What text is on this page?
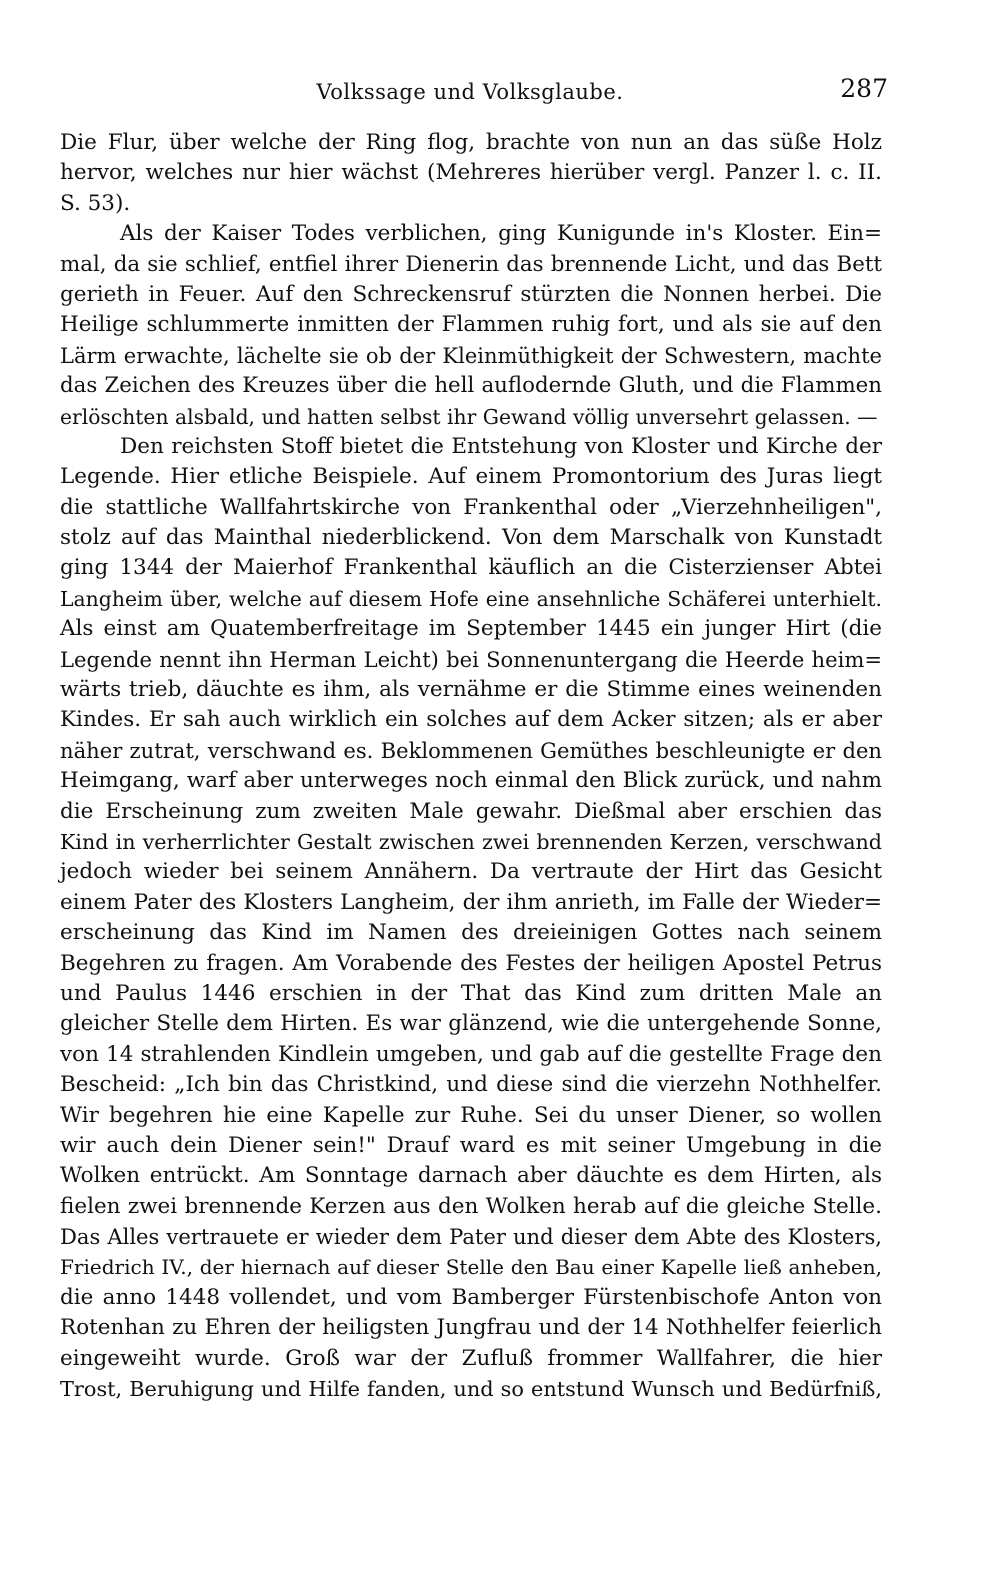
Volkssage und Volksglaube.	287
Die Flur, über welche der Ring flog, brachte von nun an das süße Holz
hervor, welches nur hier wächst (Mehreres hierüber vergl. Panzer l. c. II.
S. 53).
Als der Kaiser Todes verblichen, ging Kunigunde in's Kloster. Ein=
mal, da sie schlief, entfiel ihrer Dienerin das brennende Licht, und das Bett
gerieth in Feuer. Auf den Schreckensruf stürzten die Nonnen herbei. Die
Heilige schlummerte inmitten der Flammen ruhig fort, und als sie auf den
Lärm erwachte, lächelte sie ob der Kleinmüthigkeit der Schwestern, machte
das Zeichen des Kreuzes über die hell auflodernde Gluth, und die Flammen
erlöschten alsbald, und hatten selbst ihr Gewand völlig unversehrt gelassen. —
Den reichsten Stoff bietet die Entstehung von Kloster und Kirche der
Legende. Hier etliche Beispiele. Auf einem Promontorium des Juras liegt
die stattliche Wallfahrtskirche von Frankenthal oder „Vierzehnheiligen",
stolz auf das Mainthal niederblickend. Von dem Marschalk von Kunstadt
ging 1344 der Maierhof Frankenthal käuflich an die Cisterzienser Abtei
Langheim über, welche auf diesem Hofe eine ansehnliche Schäferei unterhielt.
Als einst am Quatemberfreitage im September 1445 ein junger Hirt (die
Legende nennt ihn Herman Leicht) bei Sonnenuntergang die Heerde heim=
wärts trieb, däuchte es ihm, als vernähme er die Stimme eines weinenden
Kindes. Er sah auch wirklich ein solches auf dem Acker sitzen; als er aber
näher zutrat, verschwand es. Beklommenen Gemüthes beschleunigte er den
Heimgang, warf aber unterweges noch einmal den Blick zurück, und nahm
die Erscheinung zum zweiten Male gewahr. Dießmal aber erschien das
Kind in verherrlichter Gestalt zwischen zwei brennenden Kerzen, verschwand
jedoch wieder bei seinem Annähern. Da vertraute der Hirt das Gesicht
einem Pater des Klosters Langheim, der ihm anrieth, im Falle der Wieder=
erscheinung das Kind im Namen des dreieinigen Gottes nach seinem
Begehren zu fragen. Am Vorabende des Festes der heiligen Apostel Petrus
und Paulus 1446 erschien in der That das Kind zum dritten Male an
gleicher Stelle dem Hirten. Es war glänzend, wie die untergehende Sonne,
von 14 strahlenden Kindlein umgeben, und gab auf die gestellte Frage den
Bescheid: „Ich bin das Christkind, und diese sind die vierzehn Nothhelfer.
Wir begehren hie eine Kapelle zur Ruhe. Sei du unser Diener, so wollen
wir auch dein Diener sein!" Drauf ward es mit seiner Umgebung in die
Wolken entrückt. Am Sonntage darnach aber däuchte es dem Hirten, als
fielen zwei brennende Kerzen aus den Wolken herab auf die gleiche Stelle.
Das Alles vertrauete er wieder dem Pater und dieser dem Abte des Klosters,
Friedrich IV., der hiernach auf dieser Stelle den Bau einer Kapelle ließ anheben,
die anno 1448 vollendet, und vom Bamberger Fürstenbischofe Anton von
Rotenhan zu Ehren der heiligsten Jungfrau und der 14 Nothhelfer feierlich
eingeweiht wurde. Groß war der Zufluß frommer Wallfahrer, die hier
Trost, Beruhigung und Hilfe fanden, und so entstund Wunsch und Bedürfniß,
